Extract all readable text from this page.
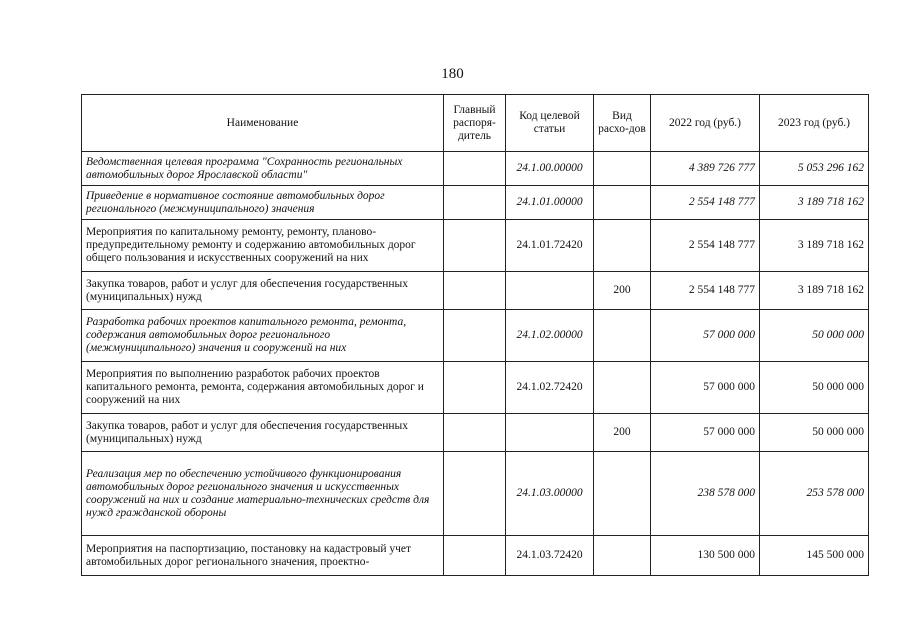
180
Наименование	Главный распоря-дитель	Код целевой статьи	Вид расхо-дов	2022 год (руб.)	2023 год (руб.)
Ведомственная целевая программа "Сохранность региональных автомобильных дорог Ярославской области"		24.1.00.00000		4 389 726 777	5 053 296 162
Приведение в нормативное состояние автомобильных дорог регионального (межмуниципального) значения		24.1.01.00000		2 554 148 777	3 189 718 162
Мероприятия по капитальному ремонту, ремонту, планово-предупредительному ремонту и содержанию автомобильных дорог общего пользования и искусственных сооружений на них		24.1.01.72420		2 554 148 777	3 189 718 162
Закупка товаров, работ и услуг для обеспечения государственных (муниципальных) нужд			200	2 554 148 777	3 189 718 162
Разработка рабочих проектов капитального ремонта, ремонта, содержания автомобильных дорог регионального (межмуниципального) значения и сооружений на них		24.1.02.00000		57 000 000	50 000 000
Мероприятия по выполнению разработок рабочих проектов капитального ремонта, ремонта, содержания автомобильных дорог и сооружений на них		24.1.02.72420		57 000 000	50 000 000
Закупка товаров, работ и услуг для обеспечения государственных (муниципальных) нужд			200	57 000 000	50 000 000
Реализация мер по обеспечению устойчивого функционирования автомобильных дорог регионального значения и искусственных сооружений на них и создание материально-технических средств для нужд гражданской обороны		24.1.03.00000		238 578 000	253 578 000
Мероприятия на паспортизацию, постановку на кадастровый учет автомобильных дорог регионального значения, проектно-		24.1.03.72420		130 500 000	145 500 000
